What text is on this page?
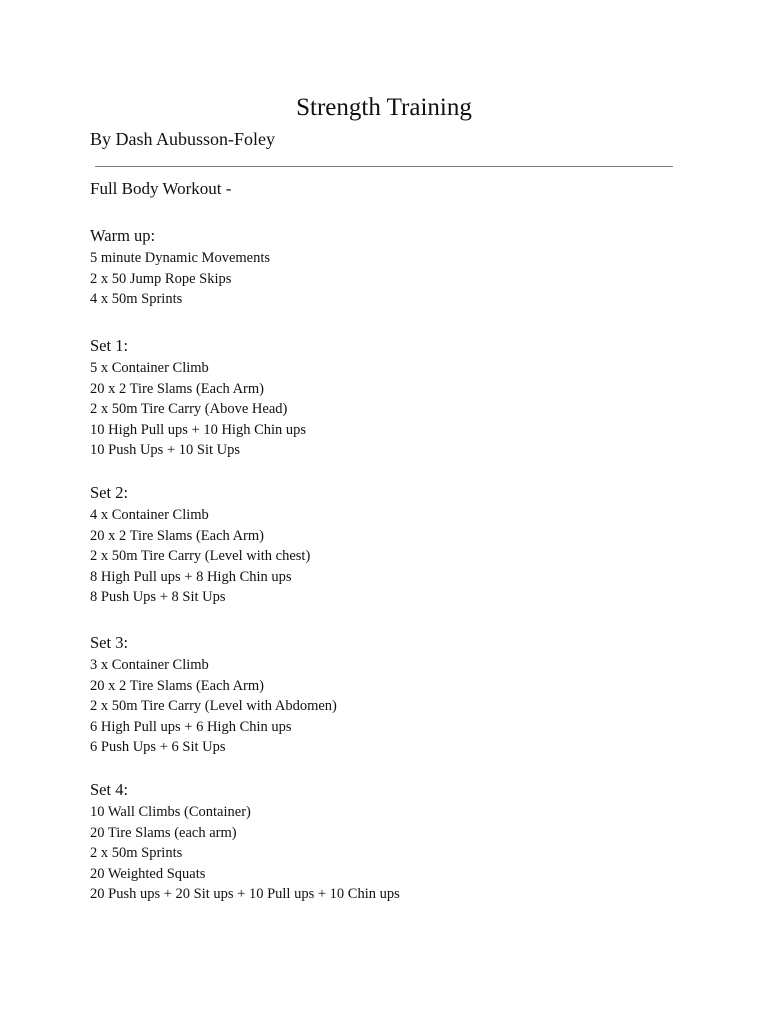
Strength Training

By Dash Aubusson-Foley

Full Body Workout -

Warm up:

5 minute Dynamic Movements
2 x 50 Jump Rope Skips
4 x 50m Sprints

Set 1:

5 x Container Climb
20 x 2 Tire Slams (Each Arm)
2 x 50m Tire Carry (Above Head)
10 High Pull ups + 10 High Chin ups
10 Push Ups + 10 Sit Ups

Set 2:

4 x Container Climb
20 x 2 Tire Slams (Each Arm)
2 x 50m Tire Carry (Level with chest)
8 High Pull ups + 8 High Chin ups
8 Push Ups + 8 Sit Ups

Set 3:

3 x Container Climb
20 x 2 Tire Slams (Each Arm)
2 x 50m Tire Carry (Level with Abdomen)
6 High Pull ups + 6 High Chin ups
6 Push Ups + 6 Sit Ups

Set 4:

10 Wall Climbs (Container)
20 Tire Slams (each arm)
2 x 50m Sprints
20 Weighted Squats
20 Push ups + 20 Sit ups + 10 Pull ups + 10 Chin ups
